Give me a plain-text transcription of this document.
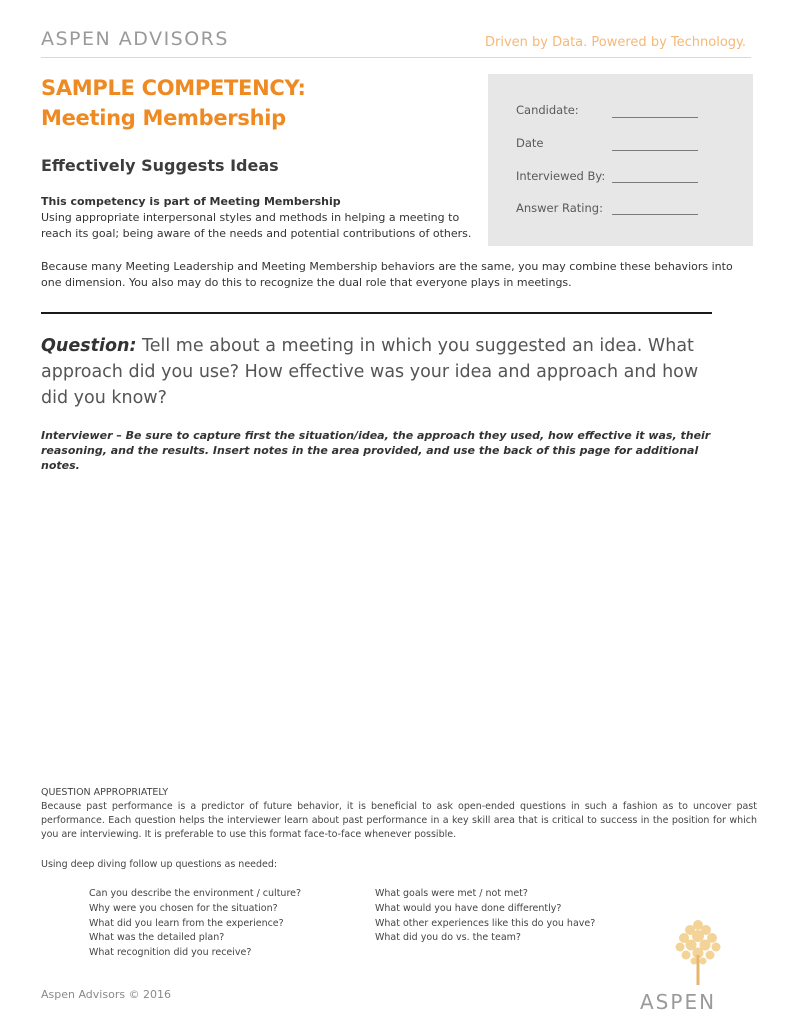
ASPEN ADVISORS	Driven by Data. Powered by Technology.
SAMPLE COMPETENCY:
Meeting Membership
Effectively Suggests Ideas
This competency is part of Meeting Membership
Using appropriate interpersonal styles and methods in helping a meeting to reach its goal; being aware of the needs and potential contributions of others.
Candidate:
Date
Interviewed By:
Answer Rating:
Because many Meeting Leadership and Meeting Membership behaviors are the same, you may combine these behaviors into one dimension. You also may do this to recognize the dual role that everyone plays in meetings.
Question: Tell me about a meeting in which you suggested an idea. What approach did you use? How effective was your idea and approach and how did you know?
Interviewer – Be sure to capture first the situation/idea, the approach they used, how effective it was, their reasoning, and the results. Insert notes in the area provided, and use the back of this page for additional notes.
QUESTION APPROPRIATELY
Because past performance is a predictor of future behavior, it is beneficial to ask open-ended questions in such a fashion as to uncover past performance. Each question helps the interviewer learn about past performance in a key skill area that is critical to success in the position for which you are interviewing. It is preferable to use this format face-to-face whenever possible.
Using deep diving follow up questions as needed:
Can you describe the environment / culture?
Why were you chosen for the situation?
What did you learn from the experience?
What was the detailed plan?
What recognition did you receive?
What goals were met / not met?
What would you have done differently?
What other experiences like this do you have?
What did you do vs. the team?
Aspen Advisors © 2016	ASPEN
